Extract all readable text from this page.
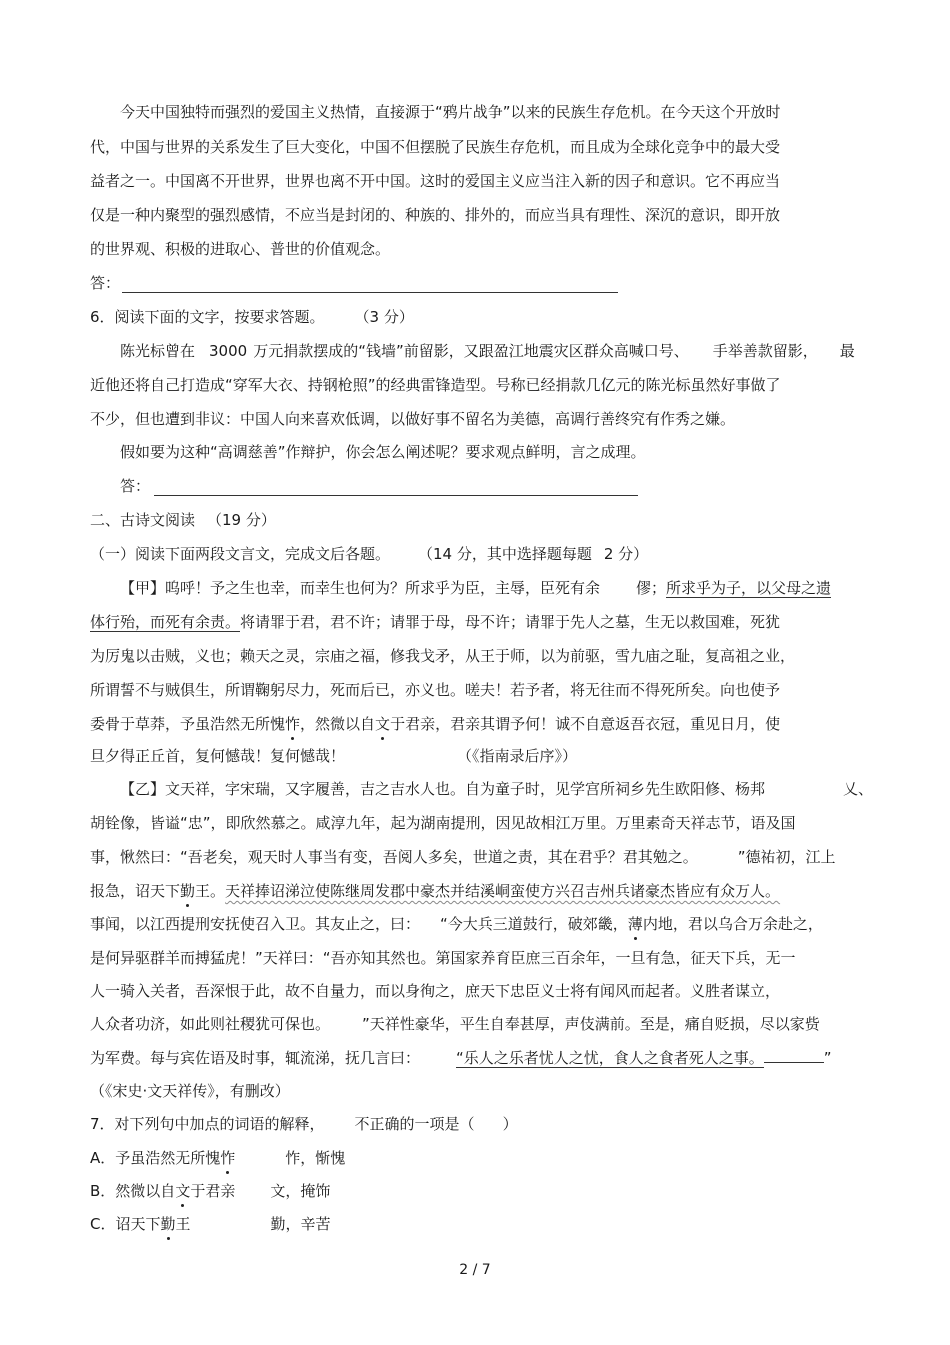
今天中国独特而强烈的爱国主义热情，直接源于“鸦片战争”以来的民族生存危机。在今天这个开放时
代，中国与世界的关系发生了巨大变化，中国不但摆脱了民族生存危机，而且成为全球化竞争中的最大受
益者之一。中国离不开世界，世界也离不开中国。这时的爱国主义应当注入新的因子和意识。它不再应当
仅是一种内聚型的强烈感情，不应当是封闭的、种族的、排外的，而应当具有理性、深沉的意识，即开放
的世界观、积极的进取心、普世的价值观念。
答：
6．阅读下面的文字，按要求答题。 （3 分）
陈光标曾在 3000 万元捐款摆成的“钱墙”前留影，又跟盈江地震灾区群众高喊口号、 手举善款留影， 最
近他还将自己打造成“穿军大衣、持钢枪照”的经典雷锋造型。号称已经捐款几亿元的陈光标虽然好事做了
不少，但也遭到非议：中国人向来喜欢低调，以做好事不留名为美德，高调行善终究有作秀之嫌。
假如要为这种“高调慈善”作辩护，你会怎么阐述呢？要求观点鲜明，言之成理。
答：
二、古诗文阅读 （19 分）
（一）阅读下面两段文言文，完成文后各题。 （14 分，其中选择题每题 2 分）
【甲】呜呼！予之生也幸，而幸生也何为？所求乎为臣，主辱，臣死有余 僇；所求乎为子，以父母之遗
体行殆，而死有余责。将请罪于君，君不许；请罪于母，母不许；请罪于先人之墓，生无以救国难，死犹
为厉鬼以击贼，义也；赖天之灵，宗庙之福，修我戈矛，从王于师，以为前驱，雪九庙之耻，复高祖之业，
所谓誓不与贼俱生，所谓鞠躬尽力，死而后已，亦义也。嗟夫！若予者，将无往而不得死所矣。向也使予
委骨于草莽，予虽浩然无所愧怍，然微以自文于君亲，君亲其谓予何！诚不自意返吾衣冠，重见日月，使
旦夕得正丘首，复何憾哉！复何憾哉！	（《指南录后序》）
【乙】文天祥，字宋瑞，又字履善，吉之吉水人也。自为童子时，见学宫所祠乡先生欧阳修、杨邦	乂、
胡铨像，皆谥“忠”，即欣然慕之。咸淳九年，起为湖南提刑，因见故相江万里。万里素奇天祥志节，语及国
事，愀然曰：“吾老矣，观天时人事当有变，吾阅人多矣，世道之责，其在君乎？君其勉之。	”德祐初，江上
报急，诏天下勤王。天祥捧诏涕泣使陈继周发郡中豪杰并结溪峒蛮使方兴召吉州兵诸豪杰皆应有众万人。
事闻，以江西提刑安抚使召入卫。其友止之，曰： “今大兵三道鼓行，破郊畿，薄内地，君以乌合万余赴之，
是何异驱群羊而搏猛虎！”天祥曰：“吾亦知其然也。第国家养育臣庶三百余年，一旦有急，征天下兵，无一
人一骑入关者，吾深恨于此，故不自量力，而以身徇之，庶天下忠臣义士将有闻风而起者。义胜者谋立，
人众者功济，如此则社稷犹可保也。 ”天祥性豪华，平生自奉甚厚，声伎满前。至是，痛自贬损，尽以家赀
为军费。每与宾佐语及时事，辄流涕，抚几言曰： “乐人之乐者忧人之忧，食人之食者死人之事。	”
（《宋史·文天祥传》，有删改）
7．对下列句中加点的词语的解释， 不正确的一项是（ ）
A．予虽浩然无所愧怍	怍，惭愧
B．然微以自文于君亲 文，掩饰
C．诏天下勤王	勤，辛苦
2 / 7
